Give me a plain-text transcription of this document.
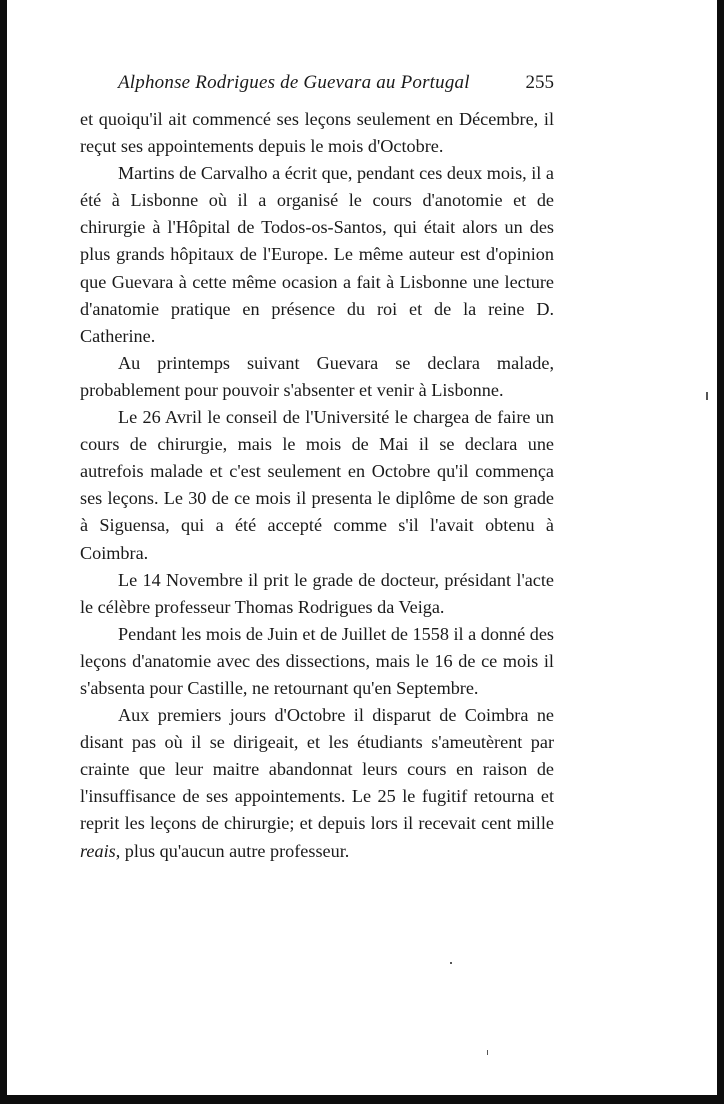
Alphonse Rodrigues de Guevara au Portugal	255

et quoiqu'il ait commencé ses leçons seulement en Décembre, il reçut ses appointements depuis le mois d'Octobre.

Martins de Carvalho a écrit que, pendant ces deux mois, il a été à Lisbonne où il a organisé le cours d'anotomie et de chirurgie à l'Hôpital de Todos-os-Santos, qui était alors un des plus grands hôpitaux de l'Europe. Le même auteur est d'opinion que Guevara à cette même ocasion a fait à Lisbonne une lecture d'anatomie pratique en présence du roi et de la reine D. Catherine.

Au printemps suivant Guevara se declara malade, probablement pour pouvoir s'absenter et venir à Lisbonne.

Le 26 Avril le conseil de l'Université le chargea de faire un cours de chirurgie, mais le mois de Mai il se declara une autrefois malade et c'est seulement en Octobre qu'il commença ses leçons. Le 30 de ce mois il presenta le diplôme de son grade à Siguensa, qui a été accepté comme s'il l'avait obtenu à Coimbra.

Le 14 Novembre il prit le grade de docteur, présidant l'acte le célèbre professeur Thomas Rodrigues da Veiga.

Pendant les mois de Juin et de Juillet de 1558 il a donné des leçons d'anatomie avec des dissections, mais le 16 de ce mois il s'absenta pour Castille, ne retournant qu'en Septembre.

Aux premiers jours d'Octobre il disparut de Coimbra ne disant pas où il se dirigeait, et les étudiants s'ameutèrent par crainte que leur maitre abandonnat leurs cours en raison de l'insuffisance de ses appointements. Le 25 le fugitif retourna et reprit les leçons de chirurgie; et depuis lors il recevait cent mille reais, plus qu'aucun autre professeur.
